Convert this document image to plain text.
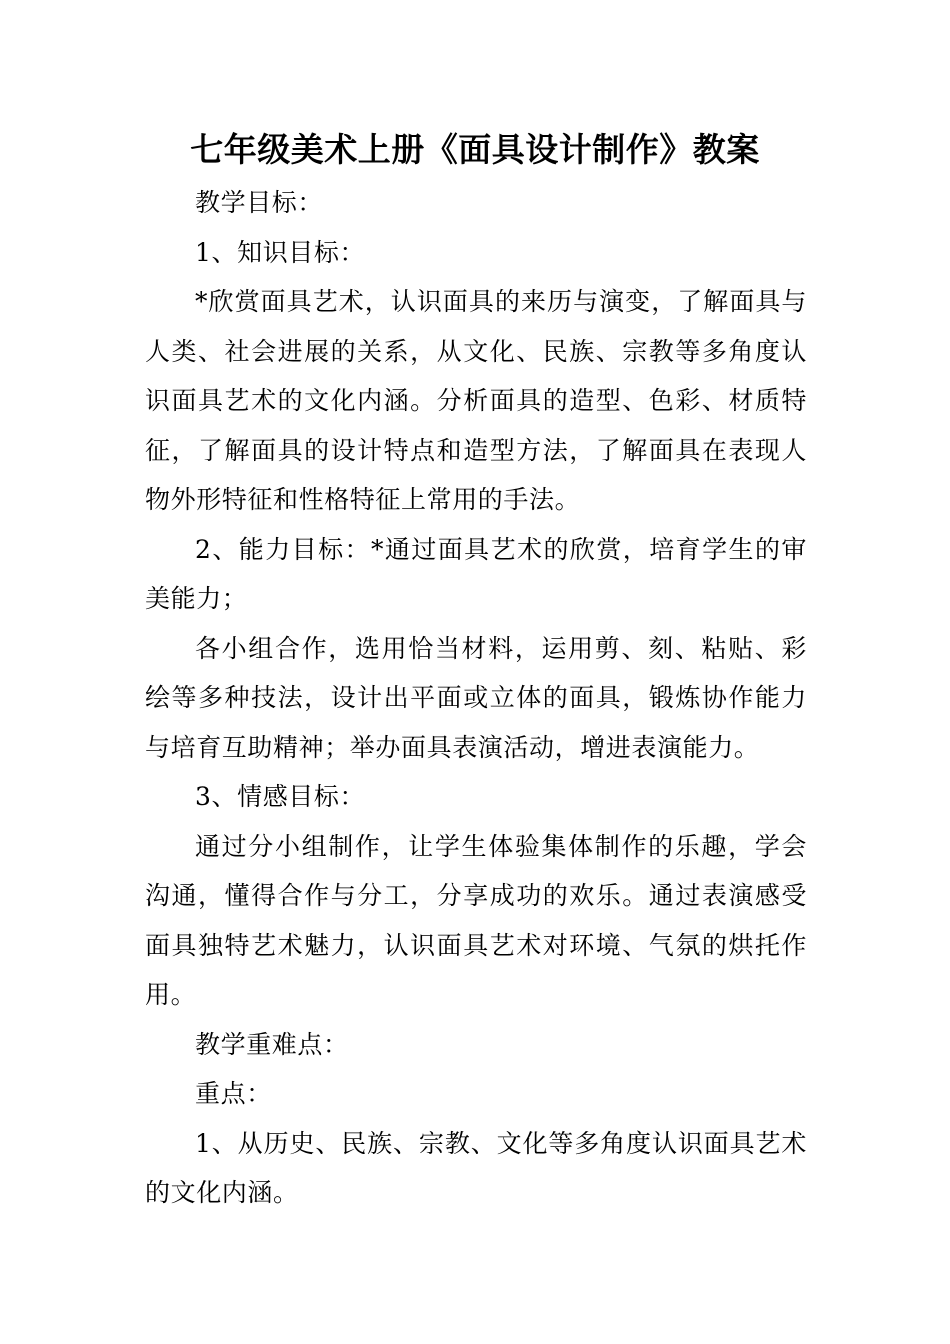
七年级美术上册《面具设计制作》教案

教学目标：

1、知识目标：

*欣赏面具艺术，认识面具的来历与演变，了解面具与人类、社会进展的关系，从文化、民族、宗教等多角度认识面具艺术的文化内涵。分析面具的造型、色彩、材质特征，了解面具的设计特点和造型方法，了解面具在表现人物外形特征和性格特征上常用的手法。

2、能力目标：*通过面具艺术的欣赏，培育学生的审美能力；

各小组合作，选用恰当材料，运用剪、刻、粘贴、彩绘等多种技法，设计出平面或立体的面具，锻炼协作能力与培育互助精神；举办面具表演活动，增进表演能力。

3、情感目标：

通过分小组制作，让学生体验集体制作的乐趣，学会沟通，懂得合作与分工，分享成功的欢乐。通过表演感受面具独特艺术魅力，认识面具艺术对环境、气氛的烘托作用。

教学重难点：

重点：

1、从历史、民族、宗教、文化等多角度认识面具艺术的文化内涵。
